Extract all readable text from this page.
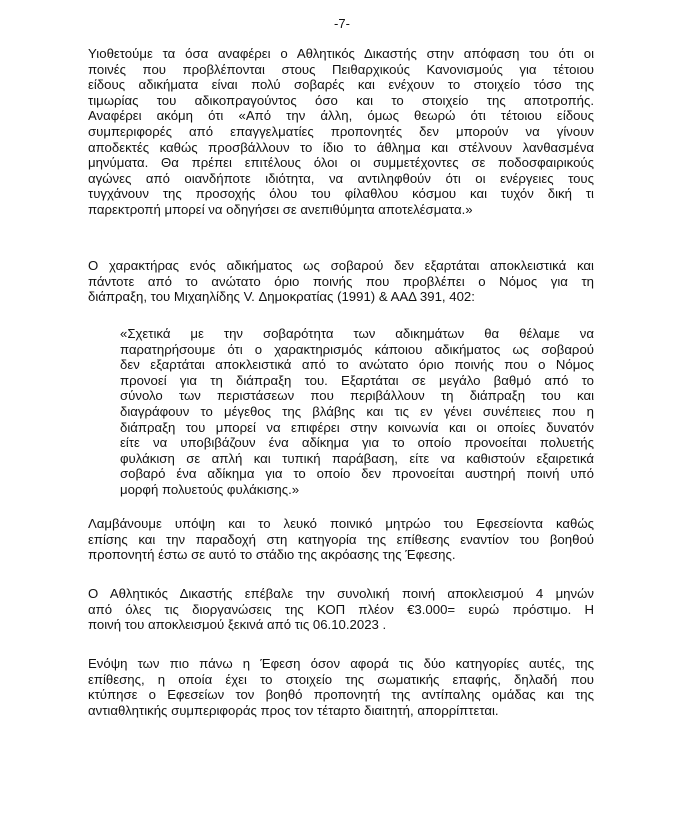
-7-

Υιοθετούμε τα όσα αναφέρει ο Αθλητικός Δικαστής στην απόφαση του ότι οι
ποινές που προβλέπονται στους Πειθαρχικούς Κανονισμούς για τέτοιου
είδους αδικήματα είναι πολύ σοβαρές και ενέχουν το στοιχείο τόσο της
τιμωρίας του αδικοπραγούντος όσο και το στοιχείο της αποτροπής.
Αναφέρει ακόμη ότι «Από την άλλη, όμως θεωρώ ότι τέτοιου είδους
συμπεριφορές από επαγγελματίες προπονητές δεν μπορούν να γίνουν
αποδεκτές καθώς προσβάλλουν το ίδιο το άθλημα και στέλνουν λανθασμένα
μηνύματα. Θα πρέπει επιτέλους όλοι οι συμμετέχοντες σε ποδοσφαιρικούς
αγώνες από οιανδήποτε ιδιότητα, να αντιληφθούν ότι οι ενέργειες τους
τυγχάνουν της προσοχής όλου του φίλαθλου κόσμου και τυχόν δική τι
παρεκτροπή μπορεί να οδηγήσει σε ανεπιθύμητα αποτελέσματα.»

Ο χαρακτήρας ενός αδικήματος ως σοβαρού δεν εξαρτάται αποκλειστικά και
πάντοτε από το ανώτατο όριο ποινής που προβλέπει ο Νόμος για τη
διάπραξη, του Μιχαηλίδης V. Δημοκρατίας (1991) & ΑΑΔ 391, 402:

«Σχετικά με την σοβαρότητα των αδικημάτων θα θέλαμε να
παρατηρήσουμε ότι ο χαρακτηρισμός κάποιου αδικήματος ως σοβαρού
δεν εξαρτάται αποκλειστικά από το ανώτατο όριο ποινής που ο Νόμος
προνοεί για τη διάπραξη του. Εξαρτάται σε μεγάλο βαθμό από το
σύνολο των περιστάσεων που περιβάλλουν τη διάπραξη του και
διαγράφουν το μέγεθος της βλάβης και τις εν γένει συνέπειες που η
διάπραξη του μπορεί να επιφέρει στην κοινωνία και οι οποίες δυνατόν
είτε να υποβιβάζουν ένα αδίκημα για το οποίο προνοείται πολυετής
φυλάκιση σε απλή και τυπική παράβαση, είτε να καθιστούν εξαιρετικά
σοβαρό ένα αδίκημα για το οποίο δεν προνοείται αυστηρή ποινή υπό
μορφή πολυετούς φυλάκισης.»

Λαμβάνουμε υπόψη και το λευκό ποινικό μητρώο του Εφεσείοντα καθώς
επίσης και την παραδοχή στη κατηγορία της επίθεσης εναντίον του βοηθού
προπονητή έστω σε αυτό το στάδιο της ακρόασης της Έφεσης.

Ο Αθλητικός Δικαστής επέβαλε την συνολική ποινή αποκλεισμού 4 μηνών
από όλες τις διοργανώσεις της ΚΟΠ πλέον €3.000= ευρώ πρόστιμο. Η
ποινή του αποκλεισμού ξεκινά από τις 06.10.2023 .

Ενόψη των πιο πάνω η Έφεση όσον αφορά τις δύο κατηγορίες αυτές, της
επίθεσης, η οποία έχει το στοιχείο της σωματικής επαφής, δηλαδή που
κτύπησε ο Εφεσείων τον βοηθό προπονητή της αντίπαλης ομάδας και της
αντιαθλητικής συμπεριφοράς προς τον τέταρτο διαιτητή, απορρίπτεται.
